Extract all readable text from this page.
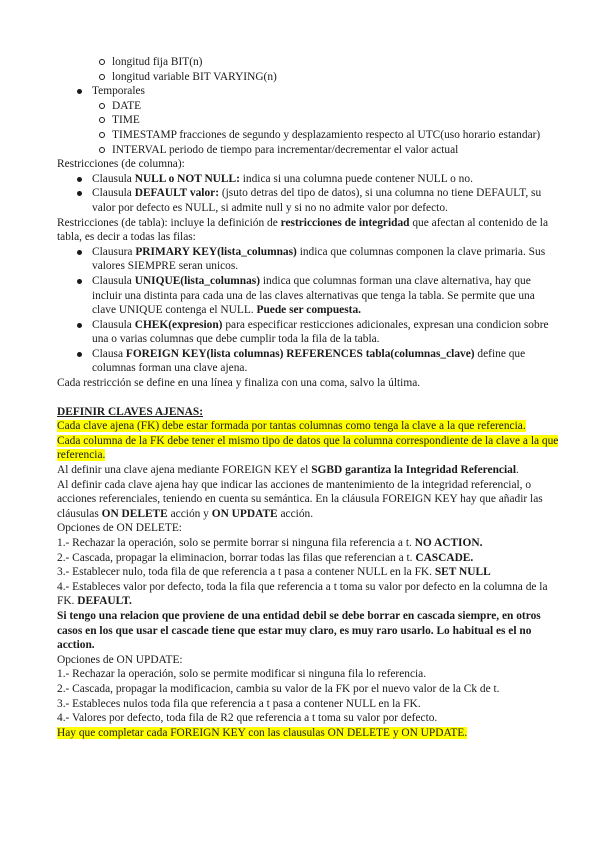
longitud fija BIT(n)
longitud variable BIT VARYING(n)
Temporales
DATE
TIME
TIMESTAMP fracciones de segundo y desplazamiento respecto al UTC(uso horario estandar)
INTERVAL periodo de tiempo para incrementar/decrementar el valor actual

Restricciones (de columna):

Clausula NULL o NOT NULL: indica si una columna puede contener NULL o no.
Clausula DEFAULT valor: (jsuto detras del tipo de datos), si una columna no tiene DEFAULT, su valor por defecto es NULL, si admite null y si no no admite valor por defecto.

Restricciones (de tabla): incluye la definición de restricciones de integridad que afectan al contenido de la tabla, es decir a todas las filas:

Clausura PRIMARY KEY(lista_columnas) indica que columnas componen la clave primaria. Sus valores SIEMPRE seran unicos.
Clausula UNIQUE(lista_columnas) indica que columnas forman una clave alternativa, hay que incluir una distinta para cada una de las claves alternativas que tenga la tabla. Se permite que una clave UNIQUE contenga el NULL. Puede ser compuesta.
Clausula CHEK(expresion) para especificar resticciones adicionales, expresan una condicion sobre una o varias columnas que debe cumplir toda la fila de la tabla.
Clausa FOREIGN KEY(lista columnas) REFERENCES tabla(columnas_clave) define que columnas forman una clave ajena.

Cada restricción se define en una línea y finaliza con una coma, salvo la última.

DEFINIR CLAVES AJENAS:

Cada clave ajena (FK) debe estar formada por tantas columnas como tenga la clave a la que referencia.

Cada columna de la FK debe tener el mismo tipo de datos que la columna correspondiente de la clave a la que referencia.

Al definir una clave ajena mediante FOREIGN KEY el SGBD garantiza la Integridad Referencial.

Al definir cada clave ajena hay que indicar las acciones de mantenimiento de la integridad referencial, o acciones referenciales, teniendo en cuenta su semántica. En la cláusula FOREIGN KEY hay que añadir las cláusulas ON DELETE acción y ON UPDATE acción.

Opciones de ON DELETE:

1.- Rechazar la operación, solo se permite borrar si ninguna fila referencia a t. NO ACTION.

2.- Cascada, propagar la eliminacion, borrar todas las filas que referencian a t. CASCADE.

3.- Establecer nulo, toda fila de que referencia a t pasa a contener NULL en la FK. SET NULL

4.- Estableces valor por defecto, toda la fila que referencia a t toma su valor por defecto en la columna de la FK. DEFAULT.

Si tengo una relacion que proviene de una entidad debil se debe borrar en cascada siempre, en otros casos en los que usar el cascade tiene que estar muy claro, es muy raro usarlo. Lo habitual es el no acction.

Opciones de ON UPDATE:

1.- Rechazar la operación, solo se permite modificar si ninguna fila lo referencia.

2.- Cascada, propagar la modificacion, cambia su valor de la FK por el nuevo valor de la Ck de t.

3.- Estableces nulos toda fila que referencia a t pasa a contener NULL en la FK.

4.- Valores por defecto, toda fila de R2 que referencia a t toma su valor por defecto.

Hay que completar cada FOREIGN KEY con las clausulas ON DELETE y ON UPDATE.
